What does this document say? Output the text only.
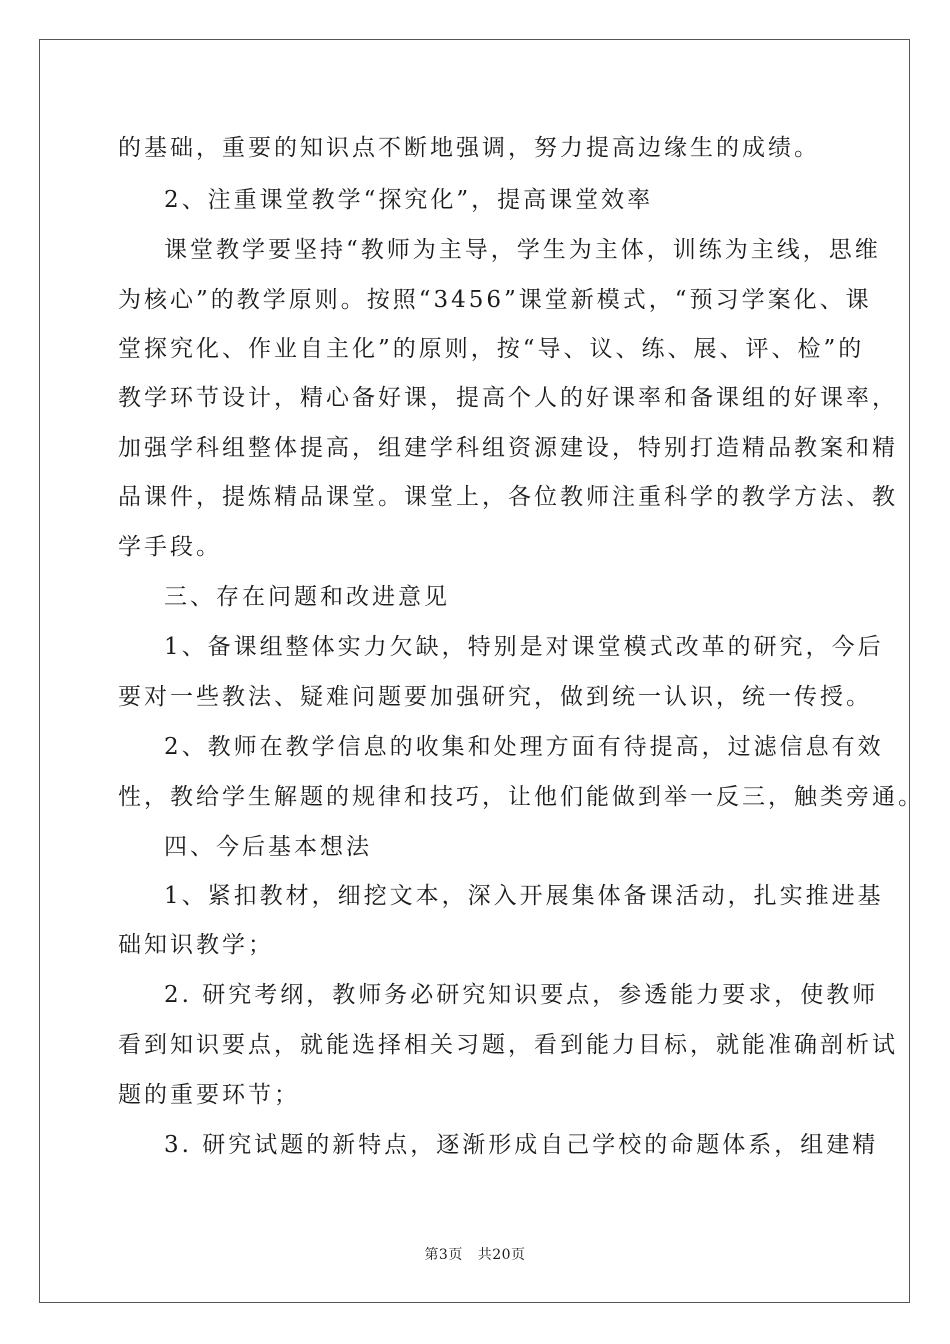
的基础，重要的知识点不断地强调，努力提高边缘生的成绩。
2、注重课堂教学“探究化”，提高课堂效率
课堂教学要坚持“教师为主导，学生为主体，训练为主线，思维
为核心”的教学原则。按照“3456”课堂新模式，“预习学案化、课
堂探究化、作业自主化”的原则，按“导、议、练、展、评、检”的
教学环节设计，精心备好课，提高个人的好课率和备课组的好课率，
加强学科组整体提高，组建学科组资源建设，特别打造精品教案和精
品课件，提炼精品课堂。课堂上，各位教师注重科学的教学方法、教
学手段。
三、存在问题和改进意见
1、备课组整体实力欠缺，特别是对课堂模式改革的研究，今后
要对一些教法、疑难问题要加强研究，做到统一认识，统一传授。
2、教师在教学信息的收集和处理方面有待提高，过滤信息有效
性，教给学生解题的规律和技巧，让他们能做到举一反三，触类旁通。
四、今后基本想法
1、紧扣教材，细挖文本，深入开展集体备课活动，扎实推进基
础知识教学；
2. 研究考纲，教师务必研究知识要点，参透能力要求，使教师
看到知识要点，就能选择相关习题，看到能力目标，就能准确剖析试
题的重要环节；
3. 研究试题的新特点，逐渐形成自己学校的命题体系，组建精
第3页 共20页
